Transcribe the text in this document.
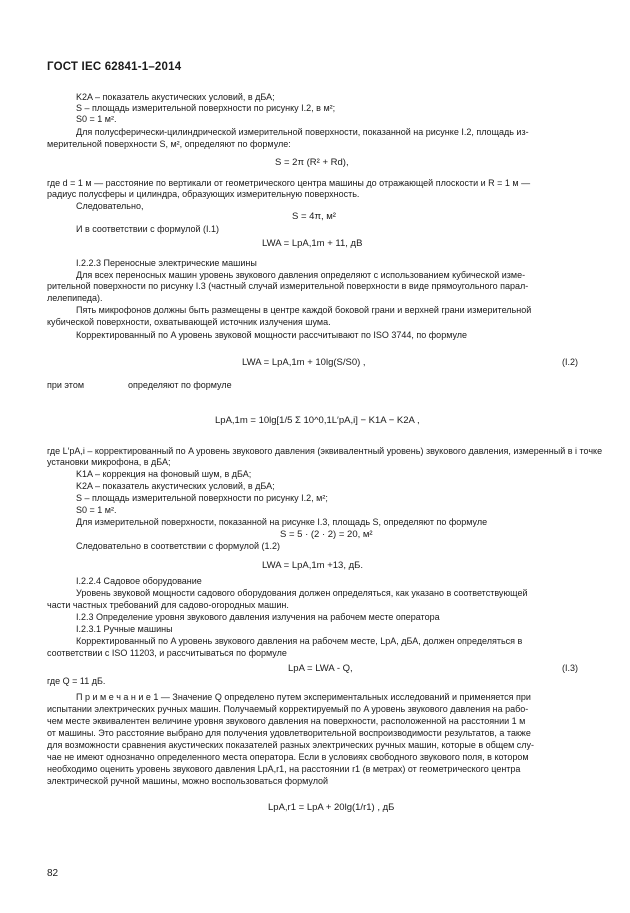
ГОСТ IEC 62841-1–2014
K2A – показатель акустических условий, в дБА;
S – площадь измерительной поверхности по рисунку I.2, в м²;
S0 = 1 м².
Для полусферически-цилиндрической измерительной поверхности, показанной на рисунке I.2, площадь из-
мерительной поверхности S, м², определяют по формуле:
S = 2π (R² + Rd),
где d = 1 м — расстояние по вертикали от геометрического центра машины до отражающей плоскости и R = 1 м —
радиус полусферы и цилиндра, образующих измерительную поверхность.
Следовательно,
S = 4π, м²
И в соответствии с формулой (I.1)
LWA = LpA,1m + 11, дВ
I.2.2.3 Переносные электрические машины
Для всех переносных машин уровень звукового давления определяют с использованием кубической изме-
рительной поверхности по рисунку I.3 (частный случай измерительной поверхности в виде прямоугольного парал-
лелепипеда).
Пять микрофонов должны быть размещены в центре каждой боковой грани и верхней грани измерительной
кубической поверхности, охватывающей источник излучения шума.
Корректированный по A уровень звуковой мощности рассчитывают по ISO 3744, по формуле
LWA = LpA,1m + 10lg(S/S0) ,	(I.2)
при этом	определяют по формуле
LpA,1m = 10lg[1/5 Σ 10^0,1L′pA,i] − K1A − K2A ,
где L′pA,i – корректированный по A уровень звукового давления (эквивалентный уровень) звукового давления, измеренный в i точке
установки микрофона, в дБА;
K1A – коррекция на фоновый шум, в дБА;
K2A – показатель акустических условий, в дБА;
S – площадь измерительной поверхности по рисунку I.2, м²;
S0 = 1 м².
Для измерительной поверхности, показанной на рисунке I.3, площадь S, определяют по формуле
S = 5 · (2 · 2) = 20, м²
Следовательно в соответствии с формулой (1.2)
LWA = LpA,1m +13, дБ.
I.2.2.4 Садовое оборудование
Уровень звуковой мощности садового оборудования должен определяться, как указано в соответствующей
части частных требований для садово-огородных машин.
I.2.3 Определение уровня звукового давления излучения на рабочем месте оператора
I.2.3.1 Ручные машины
Корректированный по A уровень звукового давления на рабочем месте, LpA, дБА, должен определяться в
соответствии с ISO 11203, и рассчитываться по формуле
LpA = LWA - Q,	(I.3)
где Q = 11 дБ.
П р и м е ч а н и е 1 — Значение Q определено путем экспериментальных исследований и применяется при
испытании электрических ручных машин. Получаемый корректируемый по A уровень звукового давления на рабо-
чем месте эквивалентен величине уровня звукового давления на поверхности, расположенной на расстоянии 1 м
от машины. Это расстояние выбрано для получения удовлетворительной воспроизводимости результатов, а также
для возможности сравнения акустических показателей разных электрических ручных машин, которые в общем слу-
чае не имеют однозначно определенного места оператора. Если в условиях свободного звукового поля, в котором
необходимо оценить уровень звукового давления LpA,r1, на расстоянии r1 (в метрах) от геометрического центра
электрической ручной машины, можно воспользоваться формулой
LpA,r1 = LpA + 20lg(1/r1) , дБ
82
